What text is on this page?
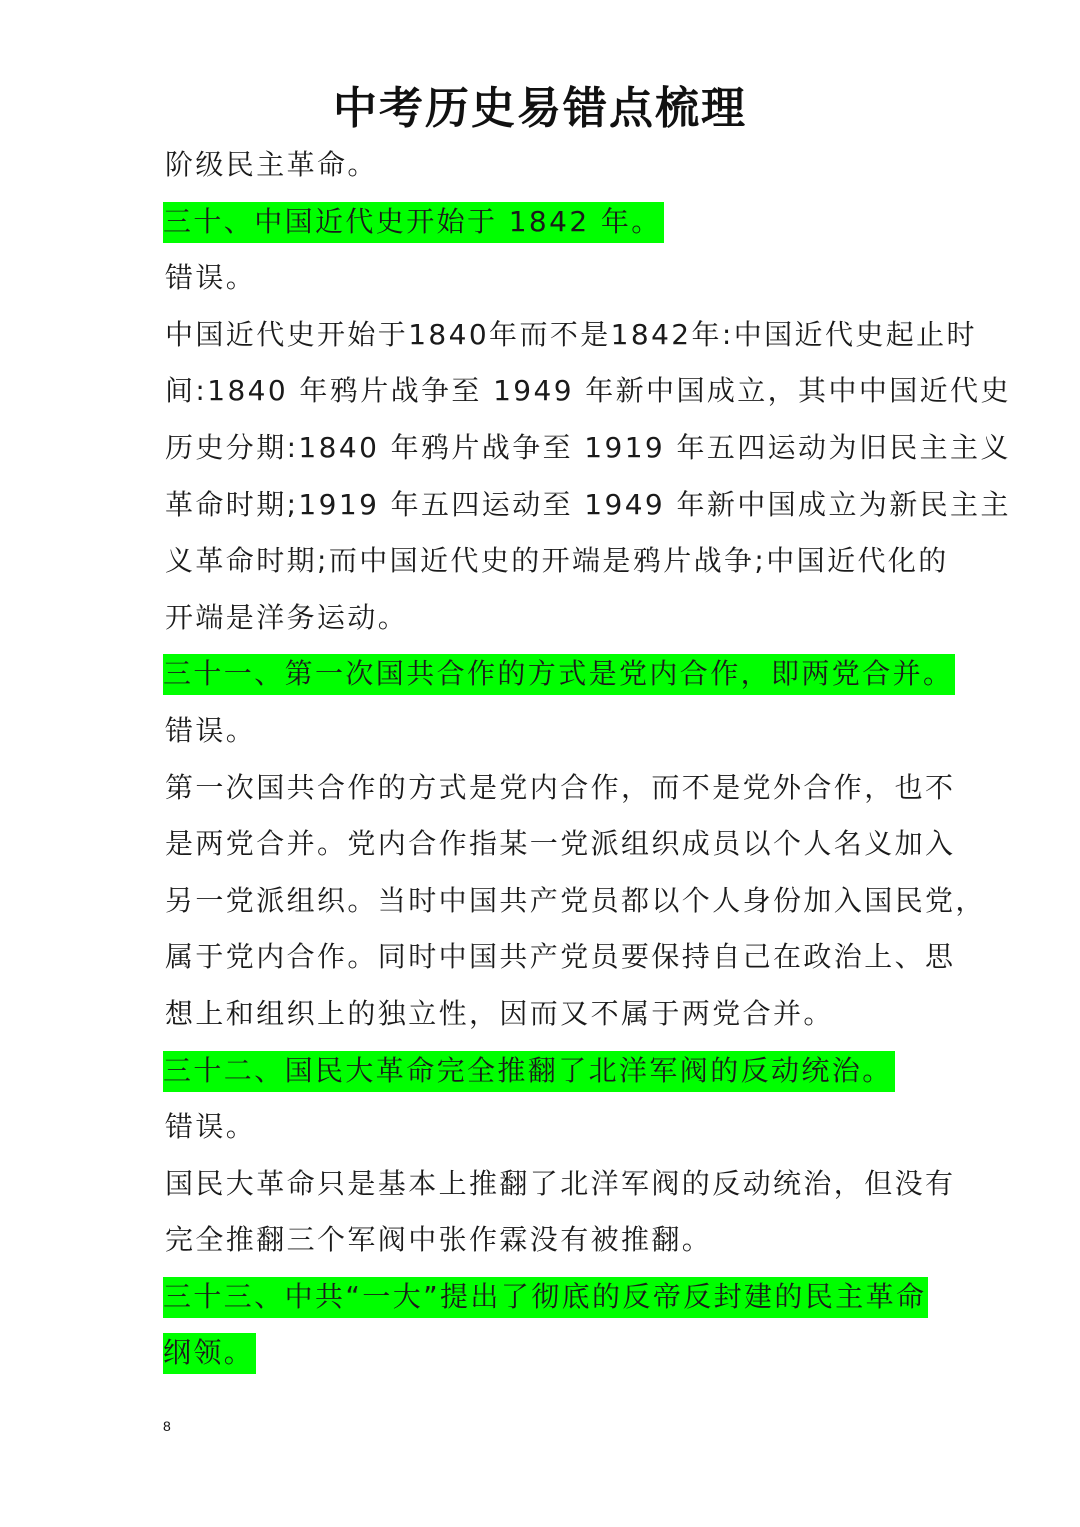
中考历史易错点梳理
阶级民主革命。
三十、中国近代史开始于 1842 年。
错误。
中国近代史开始于1840年而不是1842年:中国近代史起止时
间:1840 年鸦片战争至 1949 年新中国成立，其中中国近代史
历史分期:1840 年鸦片战争至 1919 年五四运动为旧民主主义
革命时期;1919 年五四运动至 1949 年新中国成立为新民主主
义革命时期;而中国近代史的开端是鸦片战争;中国近代化的
开端是洋务运动。
三十一、第一次国共合作的方式是党内合作，即两党合并。
错误。
第一次国共合作的方式是党内合作，而不是党外合作，也不
是两党合并。党内合作指某一党派组织成员以个人名义加入
另一党派组织。当时中国共产党员都以个人身份加入国民党，
属于党内合作。同时中国共产党员要保持自己在政治上、思
想上和组织上的独立性，因而又不属于两党合并。
三十二、国民大革命完全推翻了北洋军阀的反动统治。
错误。
国民大革命只是基本上推翻了北洋军阀的反动统治，但没有
完全推翻三个军阀中张作霖没有被推翻。
三十三、中共“一大”提出了彻底的反帝反封建的民主革命
纲领。
8
